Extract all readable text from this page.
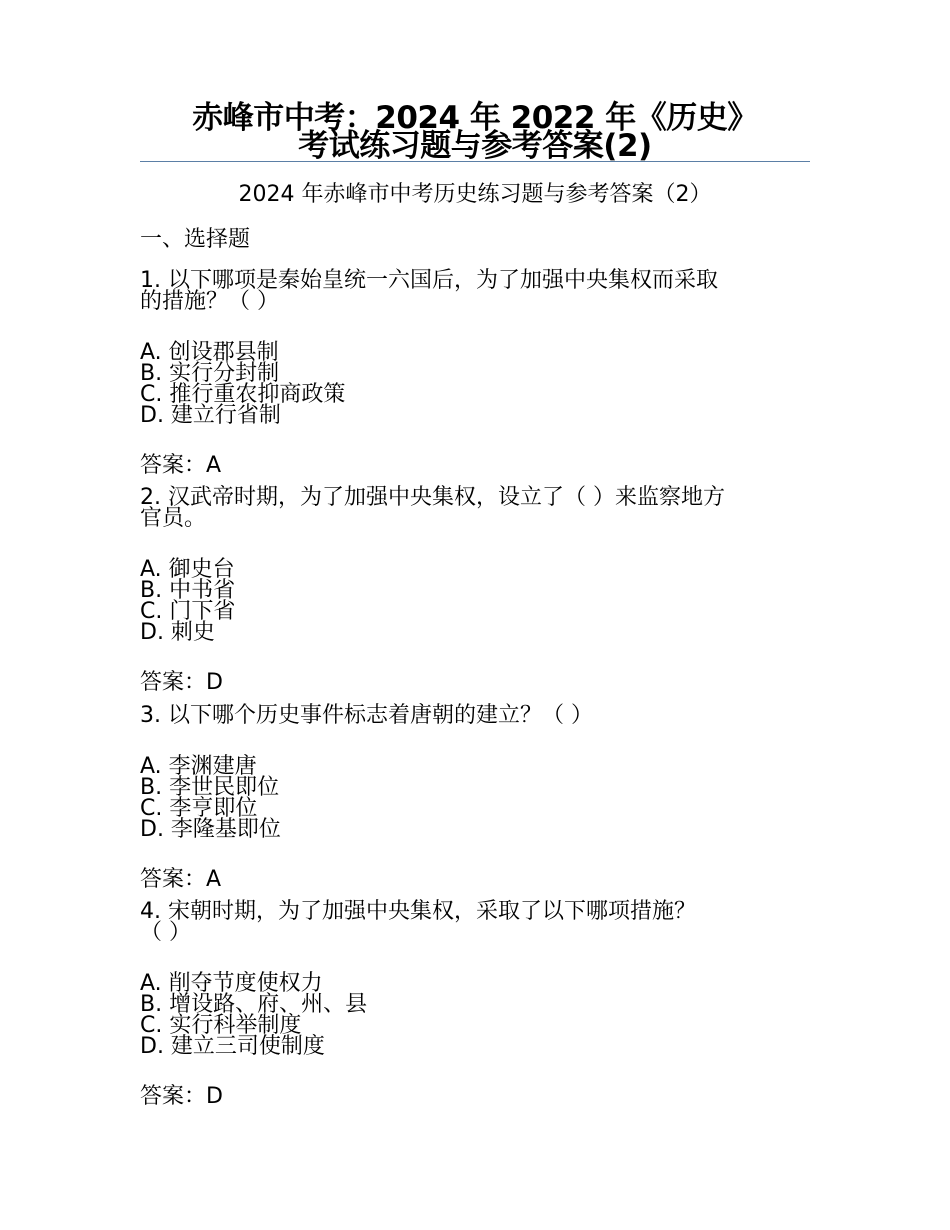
赤峰市中考：2024 年 2022 年《历史》
考试练习题与参考答案(2)
2024 年赤峰市中考历史练习题与参考答案（2）
一、选择题

1. 以下哪项是秦始皇统一六国后，为了加强中央集权而采取
的措施？（ ）

A. 创设郡县制
B. 实行分封制
C. 推行重农抑商政策
D. 建立行省制
答案：A

2. 汉武帝时期，为了加强中央集权，设立了（ ）来监察地方
官员。

A. 御史台
B. 中书省
C. 门下省
D. 刺史
答案：D

3. 以下哪个历史事件标志着唐朝的建立？（ ）

A. 李渊建唐
B. 李世民即位
C. 李亨即位
D. 李隆基即位
答案：A

4. 宋朝时期，为了加强中央集权，采取了以下哪项措施？
（ ）

A. 削夺节度使权力
B. 增设路、府、州、县
C. 实行科举制度
D. 建立三司使制度
答案：D
